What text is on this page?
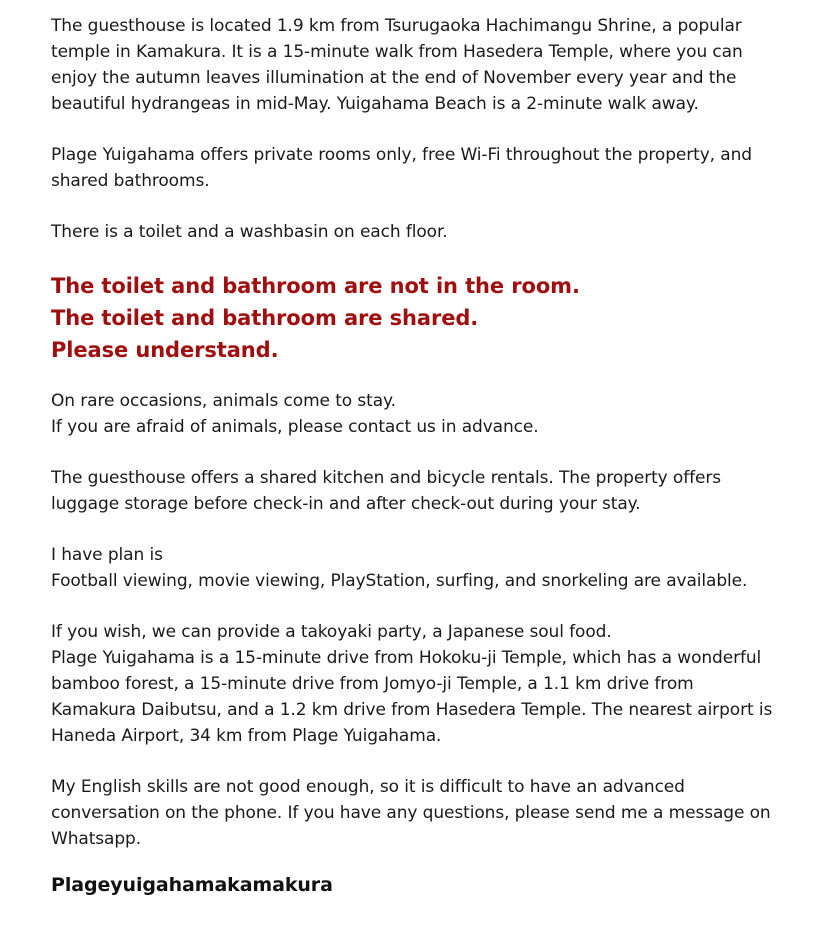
The guesthouse is located 1.9 km from Tsurugaoka Hachimangu Shrine, a popular
temple in Kamakura. It is a 15-minute walk from Hasedera Temple, where you can
enjoy the autumn leaves illumination at the end of November every year and the
beautiful hydrangeas in mid-May. Yuigahama Beach is a 2-minute walk away.

Plage Yuigahama offers private rooms only, free Wi-Fi throughout the property, and
shared bathrooms.

There is a toilet and a washbasin on each floor.

The toilet and bathroom are not in the room.
The toilet and bathroom are shared.
Please understand.

On rare occasions, animals come to stay.
If you are afraid of animals, please contact us in advance.

The guesthouse offers a shared kitchen and bicycle rentals. The property offers
luggage storage before check-in and after check-out during your stay.

I have plan is
Football viewing, movie viewing, PlayStation, surfing, and snorkeling are available.

If you wish, we can provide a takoyaki party, a Japanese soul food.
Plage Yuigahama is a 15-minute drive from Hokoku-ji Temple, which has a wonderful
bamboo forest, a 15-minute drive from Jomyo-ji Temple, a 1.1 km drive from
Kamakura Daibutsu, and a 1.2 km drive from Hasedera Temple. The nearest airport is
Haneda Airport, 34 km from Plage Yuigahama.

My English skills are not good enough, so it is difficult to have an advanced
conversation on the phone. If you have any questions, please send me a message on
Whatsapp.

Plageyuigahamakamakura
